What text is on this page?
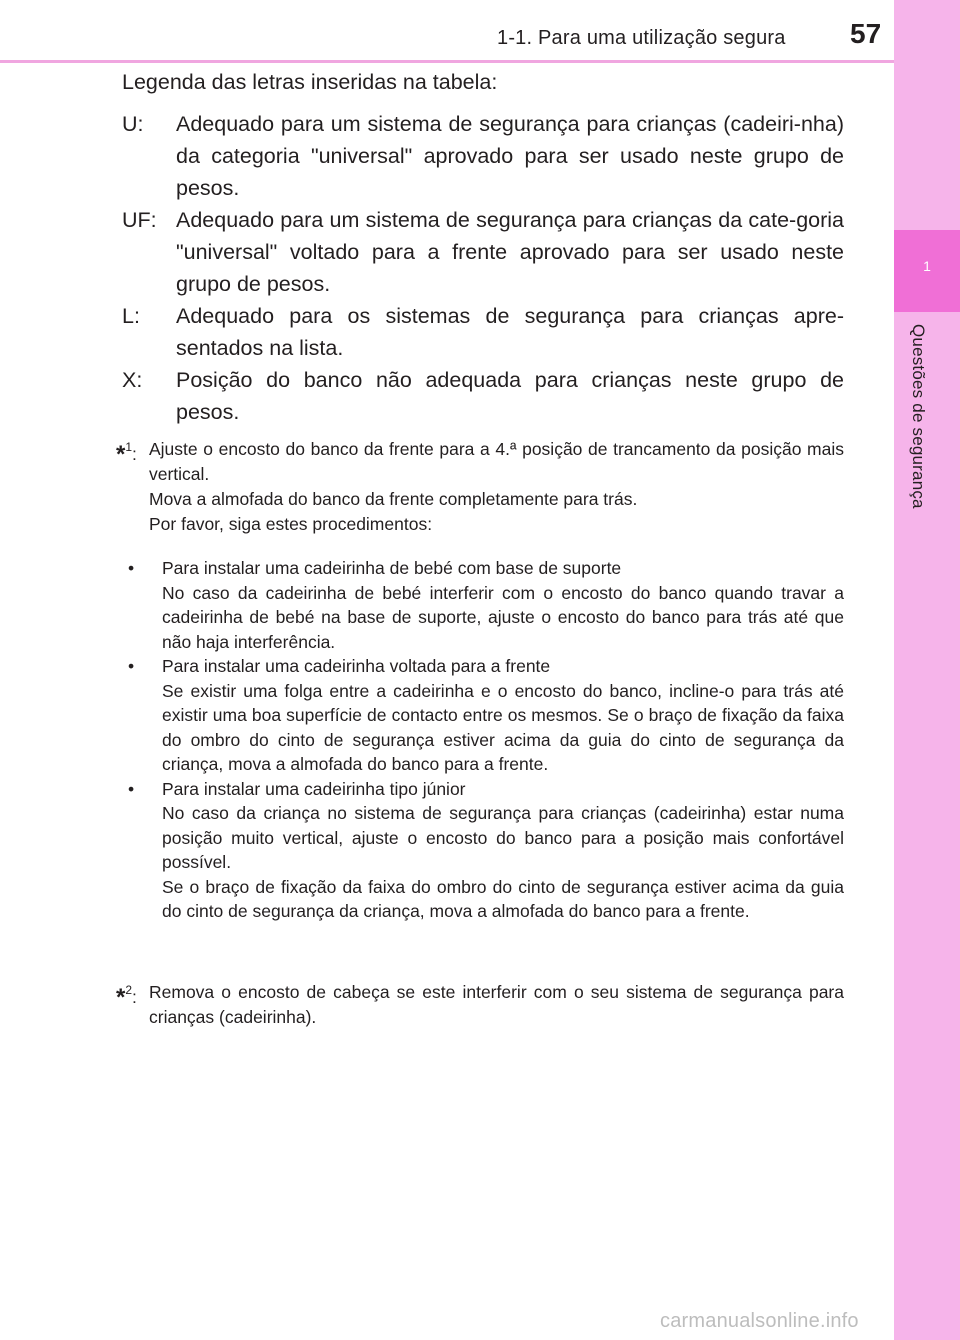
1-1. Para uma utilização segura 57
1
Questões de segurança
Legenda das letras inseridas na tabela:
U: Adequado para um sistema de segurança para crianças (cadeiri-nha) da categoria "universal" aprovado para ser usado neste grupo de pesos.
UF: Adequado para um sistema de segurança para crianças da cate-goria "universal" voltado para a frente aprovado para ser usado neste grupo de pesos.
L: Adequado para os sistemas de segurança para crianças apre-sentados na lista.
X: Posição do banco não adequada para crianças neste grupo de pesos.
*$^1$: Ajuste o encosto do banco da frente para a 4.ª posição de trancamento da posição mais vertical.
Mova a almofada do banco da frente completamente para trás.
Por favor, siga estes procedimentos:

Para instalar uma cadeirinha de bebé com base de suporte

No caso da cadeirinha de bebé interferir com o encosto do banco quando travar a cadeirinha de bebé na base de suporte, ajuste o encosto do banco para trás até que não haja interferência.

Para instalar uma cadeirinha voltada para a frente

Se existir uma folga entre a cadeirinha e o encosto do banco, incline-o para trás até existir uma boa superfície de contacto entre os mesmos. Se o braço de fixação da faixa do ombro do cinto de segurança estiver acima da guia do cinto de segurança da criança, mova a almofada do banco para a frente.

Para instalar uma cadeirinha tipo júnior

No caso da criança no sistema de segurança para crianças (cadeirinha) estar numa posição muito vertical, ajuste o encosto do banco para a posição mais confortável possível.

Se o braço de fixação da faixa do ombro do cinto de segurança estiver acima da guia do cinto de segurança da criança, mova a almofada do banco para a frente.

*$^2$: Remova o encosto de cabeça se este interferir com o seu sistema de segurança para crianças (cadeirinha).
carmanualsonline.info
